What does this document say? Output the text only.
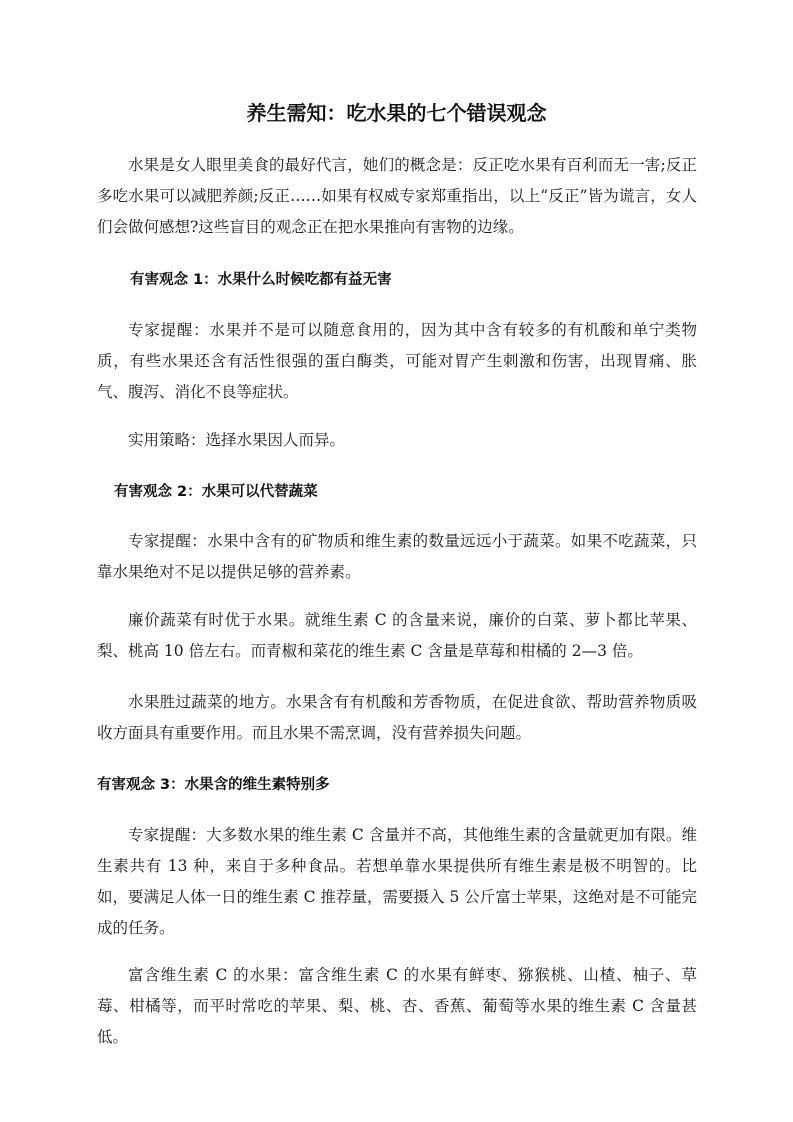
养生需知：吃水果的七个错误观念

水果是女人眼里美食的最好代言，她们的概念是：反正吃水果有百利而无一害;反正多吃水果可以减肥养颜;反正……如果有权威专家郑重指出，以上“反正”皆为谎言，女人们会做何感想?这些盲目的观念正在把水果推向有害物的边缘。

有害观念 1：水果什么时候吃都有益无害

专家提醒：水果并不是可以随意食用的，因为其中含有较多的有机酸和单宁类物质，有些水果还含有活性很强的蛋白酶类，可能对胃产生刺激和伤害，出现胃痛、胀气、腹泻、消化不良等症状。

实用策略：选择水果因人而异。

有害观念 2：水果可以代替蔬菜

专家提醒：水果中含有的矿物质和维生素的数量远远小于蔬菜。如果不吃蔬菜，只靠水果绝对不足以提供足够的营养素。

廉价蔬菜有时优于水果。就维生素 C 的含量来说，廉价的白菜、萝卜都比苹果、梨、桃高 10 倍左右。而青椒和菜花的维生素 C 含量是草莓和柑橘的 2—3 倍。

水果胜过蔬菜的地方。水果含有有机酸和芳香物质，在促进食欲、帮助营养物质吸收方面具有重要作用。而且水果不需烹调，没有营养损失问题。

有害观念 3：水果含的维生素特别多

专家提醒：大多数水果的维生素 C 含量并不高，其他维生素的含量就更加有限。维生素共有 13 种，来自于多种食品。若想单靠水果提供所有维生素是极不明智的。比如，要满足人体一日的维生素 C 推荐量，需要摄入 5 公斤富士苹果，这绝对是不可能完成的任务。

富含维生素 C 的水果：富含维生素 C 的水果有鲜枣、猕猴桃、山楂、柚子、草莓、柑橘等，而平时常吃的苹果、梨、桃、杏、香蕉、葡萄等水果的维生素 C 含量甚低。
